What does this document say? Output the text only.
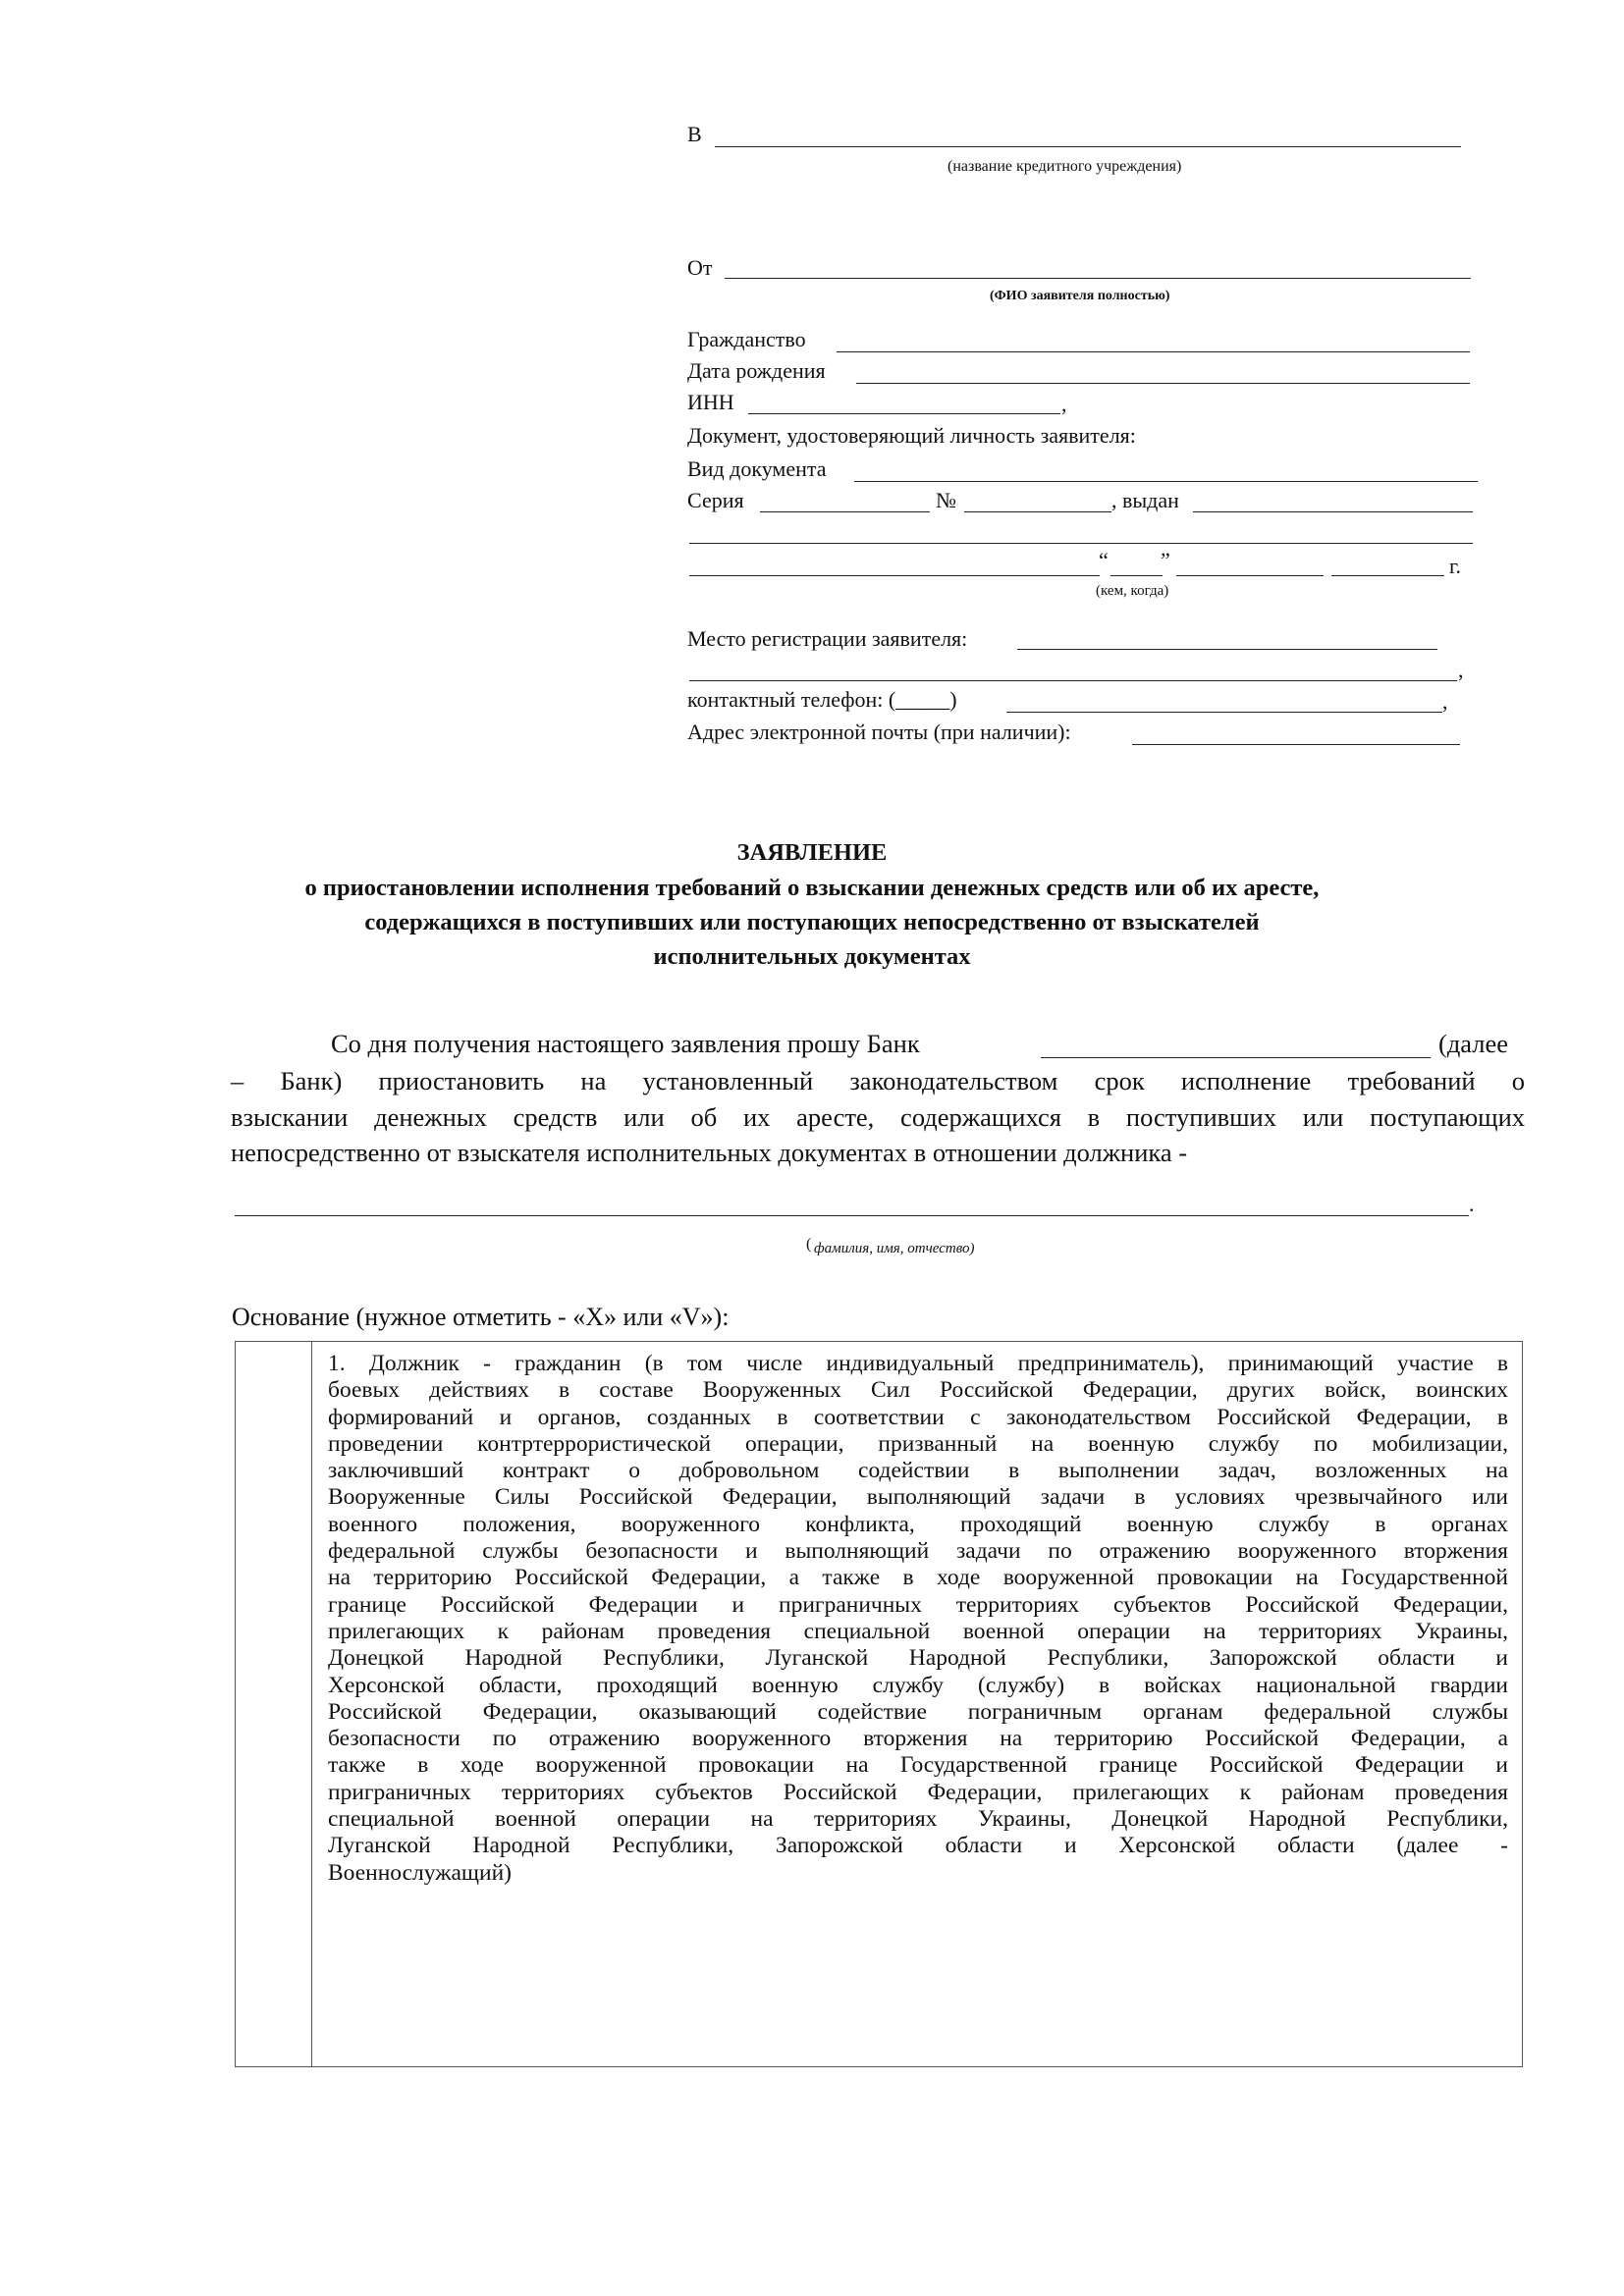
В
(название кредитного учреждения)
От
(ФИО заявителя полностью)
Гражданство
Дата рождения
ИНН	,
Документ, удостоверяющий личность заявителя:
Вид документа
Серия	№	, выдан
“ ”	г.
(кем, когда)
Место регистрации заявителя:
,
контактный телефон: (_____)	,
Адрес электронной почты (при наличии):
ЗАЯВЛЕНИЕ
о приостановлении исполнения требований о взыскании денежных средств или об их аресте,
содержащихся в поступивших или поступающих непосредственно от взыскателей
исполнительных документах
Со дня получения настоящего заявления прошу Банк	(далее
– Банк) приостановить на установленный законодательством срок исполнение требований о
взыскании денежных средств или об их аресте, содержащихся в поступивших или поступающих
непосредственно от взыскателя исполнительных документах в отношении должника -
.
( фамилия, имя, отчество)
Основание (нужное отметить - «Х» или «V»):

1. Должник - гражданин (в том числе индивидуальный предприниматель), принимающий участие в
боевых действиях в составе Вооруженных Сил Российской Федерации, других войск, воинских
формирований и органов, созданных в соответствии с законодательством Российской Федерации, в
проведении контртеррористической операции, призванный на военную службу по мобилизации,
заключивший контракт о добровольном содействии в выполнении задач, возложенных на
Вооруженные Силы Российской Федерации, выполняющий задачи в условиях чрезвычайного или
военного положения, вооруженного конфликта, проходящий военную службу в органах
федеральной службы безопасности и выполняющий задачи по отражению вооруженного вторжения
на территорию Российской Федерации, а также в ходе вооруженной провокации на Государственной
границе Российской Федерации и приграничных территориях субъектов Российской Федерации,
прилегающих к районам проведения специальной военной операции на территориях Украины,
Донецкой Народной Республики, Луганской Народной Республики, Запорожской области и
Херсонской области, проходящий военную службу (службу) в войсках национальной гвардии
Российской Федерации, оказывающий содействие пограничным органам федеральной службы
безопасности по отражению вооруженного вторжения на территорию Российской Федерации, а
также в ходе вооруженной провокации на Государственной границе Российской Федерации и
приграничных территориях субъектов Российской Федерации, прилегающих к районам проведения
специальной военной операции на территориях Украины, Донецкой Народной Республики,
Луганской Народной Республики, Запорожской области и Херсонской области (далее -
Военнослужащий)
